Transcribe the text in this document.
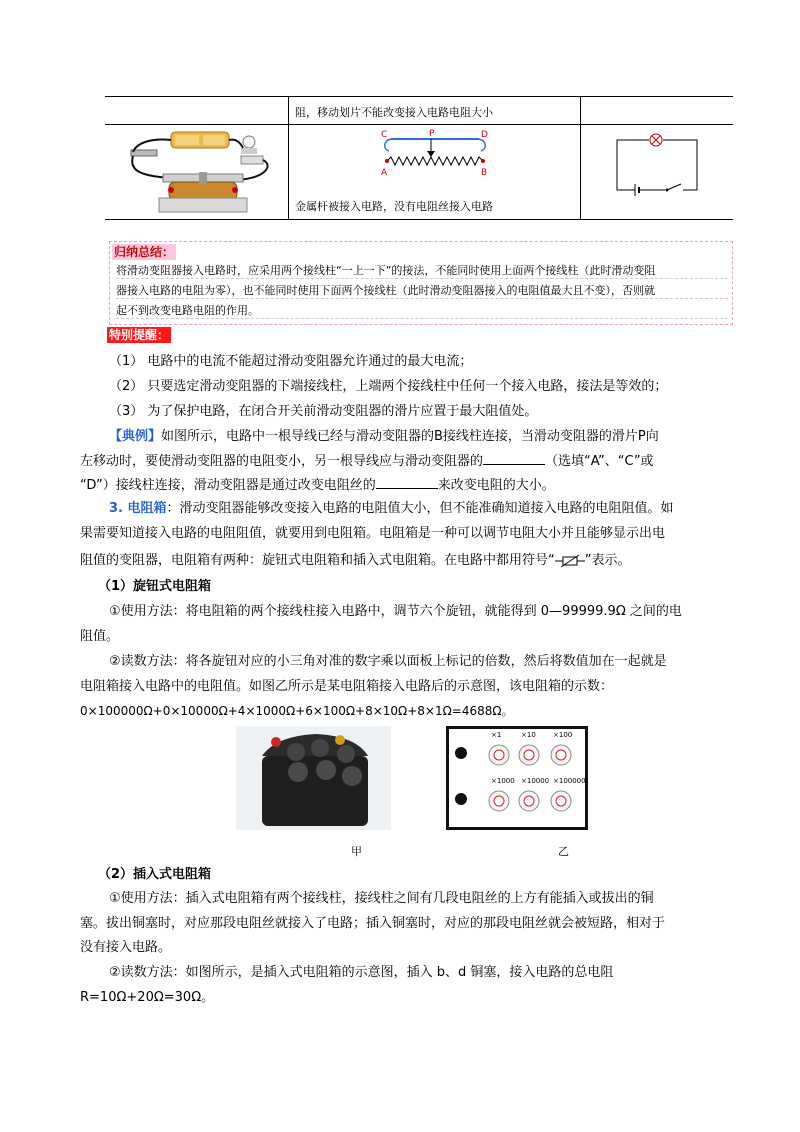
阻，移动划片不能改变接入电路电阻大小
C	P	D
A	B
金属杆被接入电路，没有电阻丝接入电路
归纳总结：
将滑动变阻器接入电路时，应采用两个接线柱“一上一下”的接法，不能同时使用上面两个接线柱（此时滑动变阻
器接入电路的电阻为零），也不能同时使用下面两个接线柱（此时滑动变阻器接入的电阻值最大且不变），否则就
起不到改变电路电阻的作用。
特别提醒：
（1） 电路中的电流不能超过滑动变阻器允许通过的最大电流；
（2） 只要选定滑动变阻器的下端接线柱，上端两个接线柱中任何一个接入电路，接法是等效的；
（3） 为了保护电路，在闭合开关前滑动变阻器的滑片应置于最大阻值处。
【典例】如图所示，电路中一根导线已经与滑动变阻器的B接线柱连接，当滑动变阻器的滑片P向
左移动时，要使滑动变阻器的电阻变小，另一根导线应与滑动变阻器的	（选填“A”、“C”或
“D”）接线柱连接，滑动变阻器是通过改变电阻丝的	来改变电阻的大小。
3. 电阻箱：滑动变阻器能够改变接入电路的电阻值大小，但不能准确知道接入电路的电阻阻值。如
果需要知道接入电路的电阻阻值，就要用到电阻箱。电阻箱是一种可以调节电阻大小并且能够显示出电
阻值的变阻器，电阻箱有两种：旋钮式电阻箱和插入式电阻箱。在电路中都用符号“ ”表示。
（1）旋钮式电阻箱
①使用方法：将电阻箱的两个接线柱接入电路中，调节六个旋钮，就能得到 0—99999.9Ω 之间的电
阻值。
②读数方法：将各旋钮对应的小三角对准的数字乘以面板上标记的倍数，然后将数值加在一起就是
电阻箱接入电路中的电阻值。如图乙所示是某电阻箱接入电路后的示意图，该电阻箱的示数：
0×100000Ω+0×10000Ω+4×1000Ω+6×100Ω+8×10Ω+8×1Ω=4688Ω。
×1	×10 ×100
×1000 ×10000 ×100000
甲	乙
（2）插入式电阻箱
①使用方法：插入式电阻箱有两个接线柱，接线柱之间有几段电阻丝的上方有能插入或拔出的铜
塞。拔出铜塞时，对应那段电阻丝就接入了电路；插入铜塞时，对应的那段电阻丝就会被短路，相对于
没有接入电路。
②读数方法：如图所示，是插入式电阻箱的示意图，插入 b、d 铜塞，接入电路的总电阻
R=10Ω+20Ω=30Ω。
